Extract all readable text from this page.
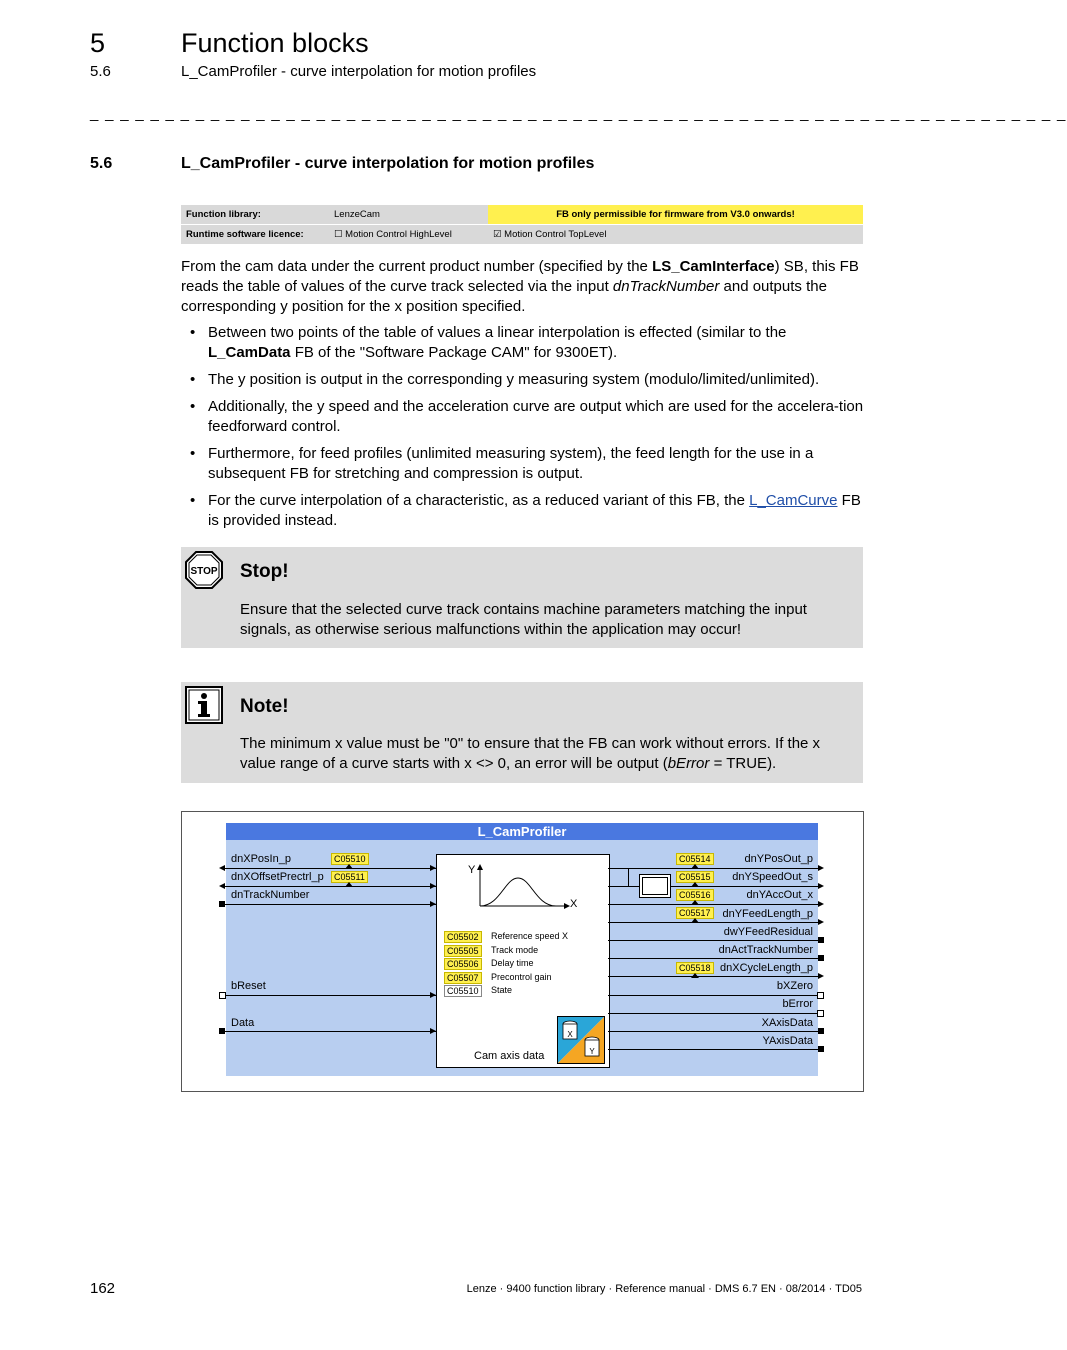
5	Function blocks
5.6	L_CamProfiler - curve interpolation for motion profiles
_ _ _ _ _ _ _ _ _ _ _ _ _ _ _ _ _ _ _ _ _ _ _ _ _ _ _ _ _ _ _ _ _ _ _ _ _ _ _ _ _ _ _ _ _ _ _ _ _ _ _ _ _ _ _ _ _ _ _ _ _ _ _ _ _
5.6	L_CamProfiler - curve interpolation for motion profiles
Function library:	LenzeCam	FB only permissible for firmware from V3.0 onwards!
Runtime software licence:	☐ Motion Control HighLevel	☑ Motion Control TopLevel
From the cam data under the current product number (specified by the LS_CamInterface) SB, this FB reads the table of values of the curve track selected via the input dnTrackNumber and outputs the corresponding y position for the x position specified.
• Between two points of the table of values a linear interpolation is effected (similar to the L_CamData FB of the "Software Package CAM" for 9300ET).
• The y position is output in the corresponding y measuring system (modulo/limited/unlimited).
• Additionally, the y speed and the acceleration curve are output which are used for the accelera-tion feedforward control.
• Furthermore, for feed profiles (unlimited measuring system), the feed length for the use in a subsequent FB for stretching and compression is output.
• For the curve interpolation of a characteristic, as a reduced variant of this FB, the L_CamCurve FB is provided instead.
STOP Stop!
Ensure that the selected curve track contains machine parameters matching the input signals, as otherwise serious malfunctions within the application may occur!
Note!
The minimum x value must be "0" to ensure that the FB can work without errors. If the x value range of a curve starts with x <> 0, an error will be output (bError = TRUE).
L_CamProfiler
dnXPosIn_p
dnXOffsetPrectrl_p
dnTrackNumber
bReset
Data
C05510
C05511
Y
X
C05502
C05505
C05506
C05507
C05510
Reference speed X
Track mode
Delay time
Precontrol gain
State
Cam axis data
X
Y
dnYPosOut_p
dnYSpeedOut_s
dnYAccOut_x
dnYFeedLength_p
dwYFeedResidual
dnActTrackNumber
dnXCycleLength_p
bXZero
bError
XAxisData
YAxisData
C05514
C05515
C05516
C05517
C05518
162	Lenze · 9400 function library · Reference manual · DMS 6.7 EN · 08/2014 · TD05
